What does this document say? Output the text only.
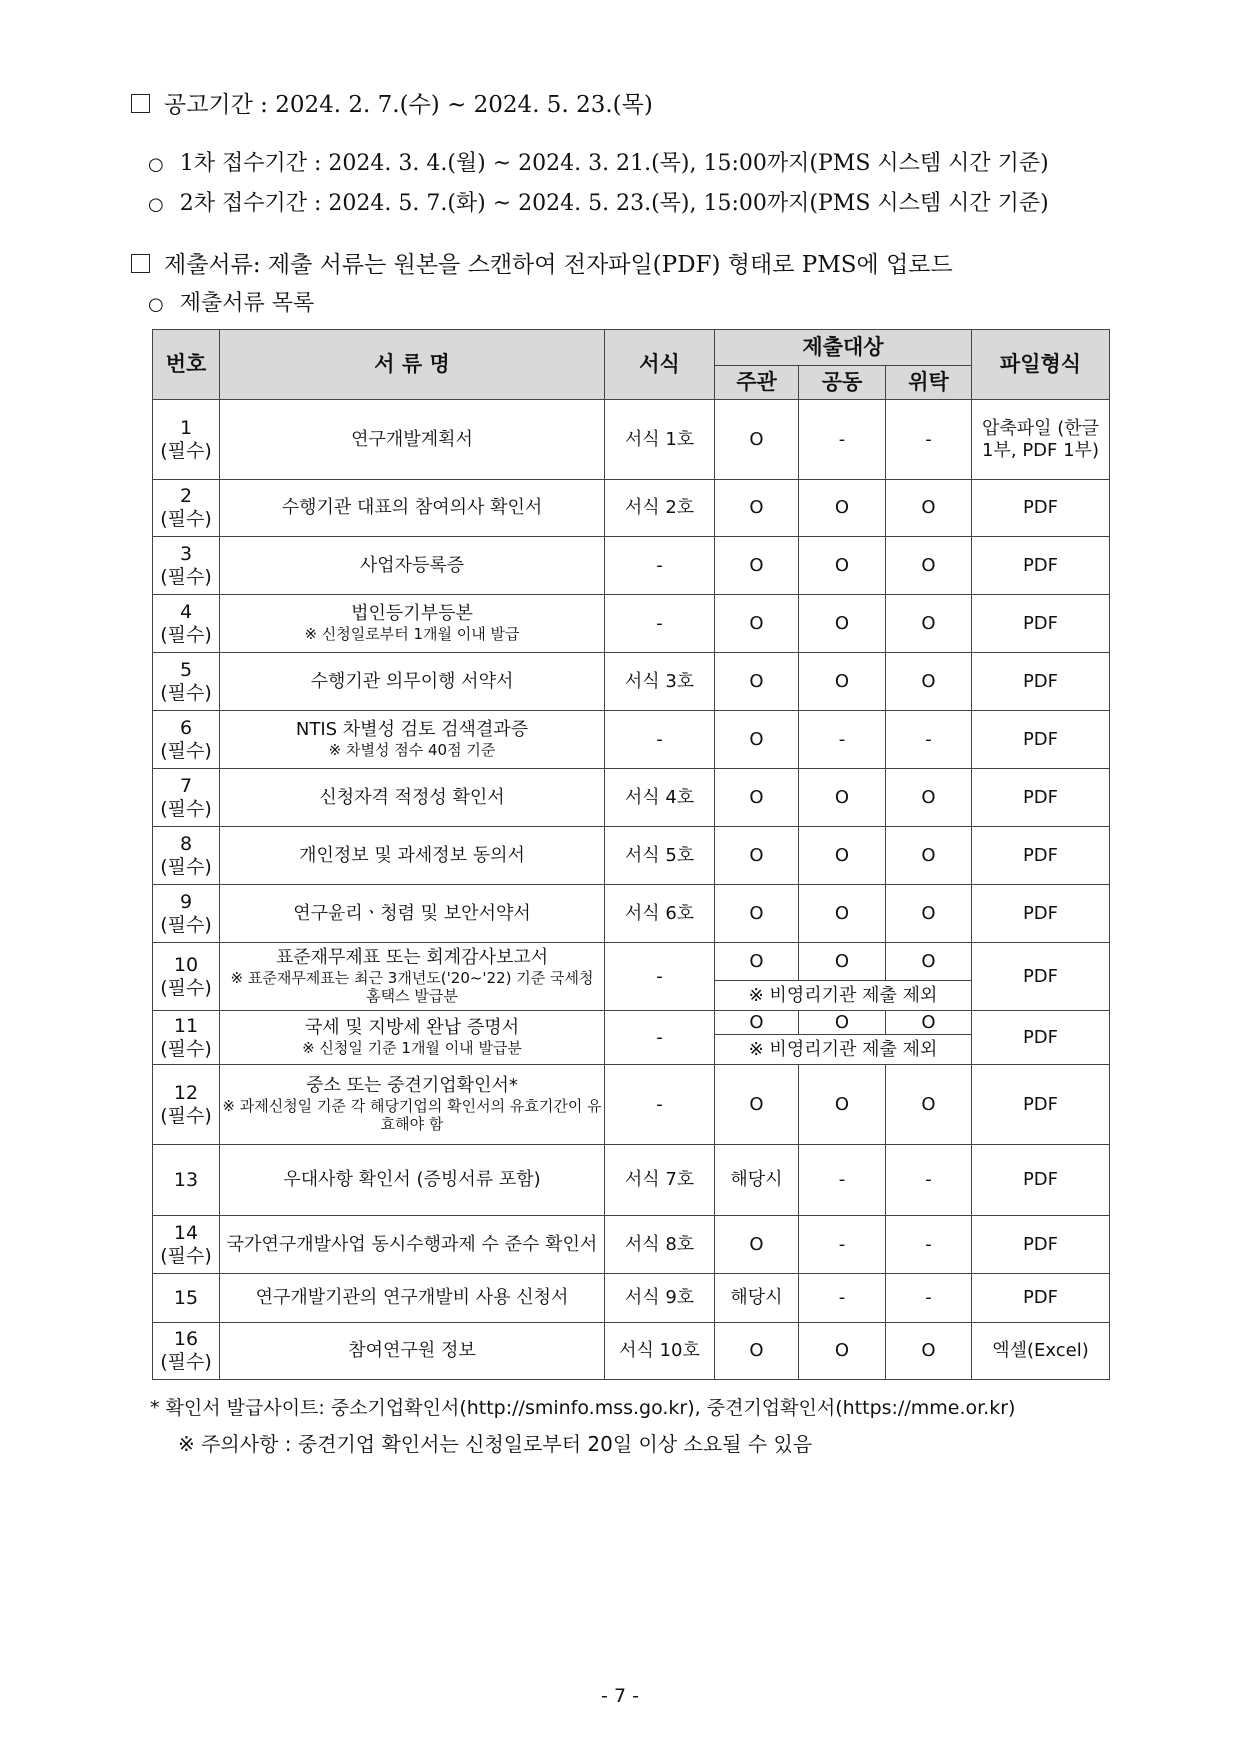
공고기간 : 2024. 2. 7.(수) ~ 2024. 5. 23.(목)
○ 1차 접수기간 : 2024. 3. 4.(월) ~ 2024. 3. 21.(목), 15:00까지(PMS 시스템 시간 기준)
○ 2차 접수기간 : 2024. 5. 7.(화) ~ 2024. 5. 23.(목), 15:00까지(PMS 시스템 시간 기준)
제출서류: 제출 서류는 원본을 스캔하여 전자파일(PDF) 형태로 PMS에 업로드
○ 제출서류 목록
번호	서 류 명	서식	제출대상			파일형식
			주관	공동	위탁	
1
(필수)	연구개발계획서	서식 1호	O	-	-	압축파일 (한글 1부, PDF 1부)
2
(필수)	수행기관 대표의 참여의사 확인서	서식 2호	O	O	O	PDF
3
(필수)	사업자등록증	-	O	O	O	PDF
4
(필수)	법인등기부등본
※ 신청일로부터 1개월 이내 발급	-	O	O	O	PDF
5
(필수)	수행기관 의무이행 서약서	서식 3호	O	O	O	PDF
6
(필수)	NTIS 차별성 검토 검색결과증
※ 차별성 점수 40점 기준	-	O	-	-	PDF
7
(필수)	신청자격 적정성 확인서	서식 4호	O	O	O	PDF
8
(필수)	개인정보 및 과세정보 동의서	서식 5호	O	O	O	PDF
9
(필수)	연구윤리ㆍ청렴 및 보안서약서	서식 6호	O	O	O	PDF
10
(필수)	표준재무제표 또는 회계감사보고서
※ 표준재무제표는 최근 3개년도('20~'22) 기준 국세청 홈택스 발급분	-	O	O	O	PDF
			※ 비영리기관 제출 제외			
11
(필수)	국세 및 지방세 완납 증명서
※ 신청일 기준 1개월 이내 발급분	-	O	O	O	PDF
			※ 비영리기관 제출 제외			
12
(필수)	중소 또는 중견기업확인서*
※ 과제신청일 기준 각 해당기업의 확인서의 유효기간이 유효해야 함	-	O	O	O	PDF
13	우대사항 확인서 (증빙서류 포함)	서식 7호	해당시	-	-	PDF
14
(필수)	국가연구개발사업 동시수행과제 수 준수 확인서	서식 8호	O	-	-	PDF
15	연구개발기관의 연구개발비 사용 신청서	서식 9호	해당시	-	-	PDF
16
(필수)	참여연구원 정보	서식 10호	O	O	O	엑셀(Excel)
* 확인서 발급사이트: 중소기업확인서(http://sminfo.mss.go.kr), 중견기업확인서(https://mme.or.kr)
※ 주의사항 : 중견기업 확인서는 신청일로부터 20일 이상 소요될 수 있음
- 7 -
